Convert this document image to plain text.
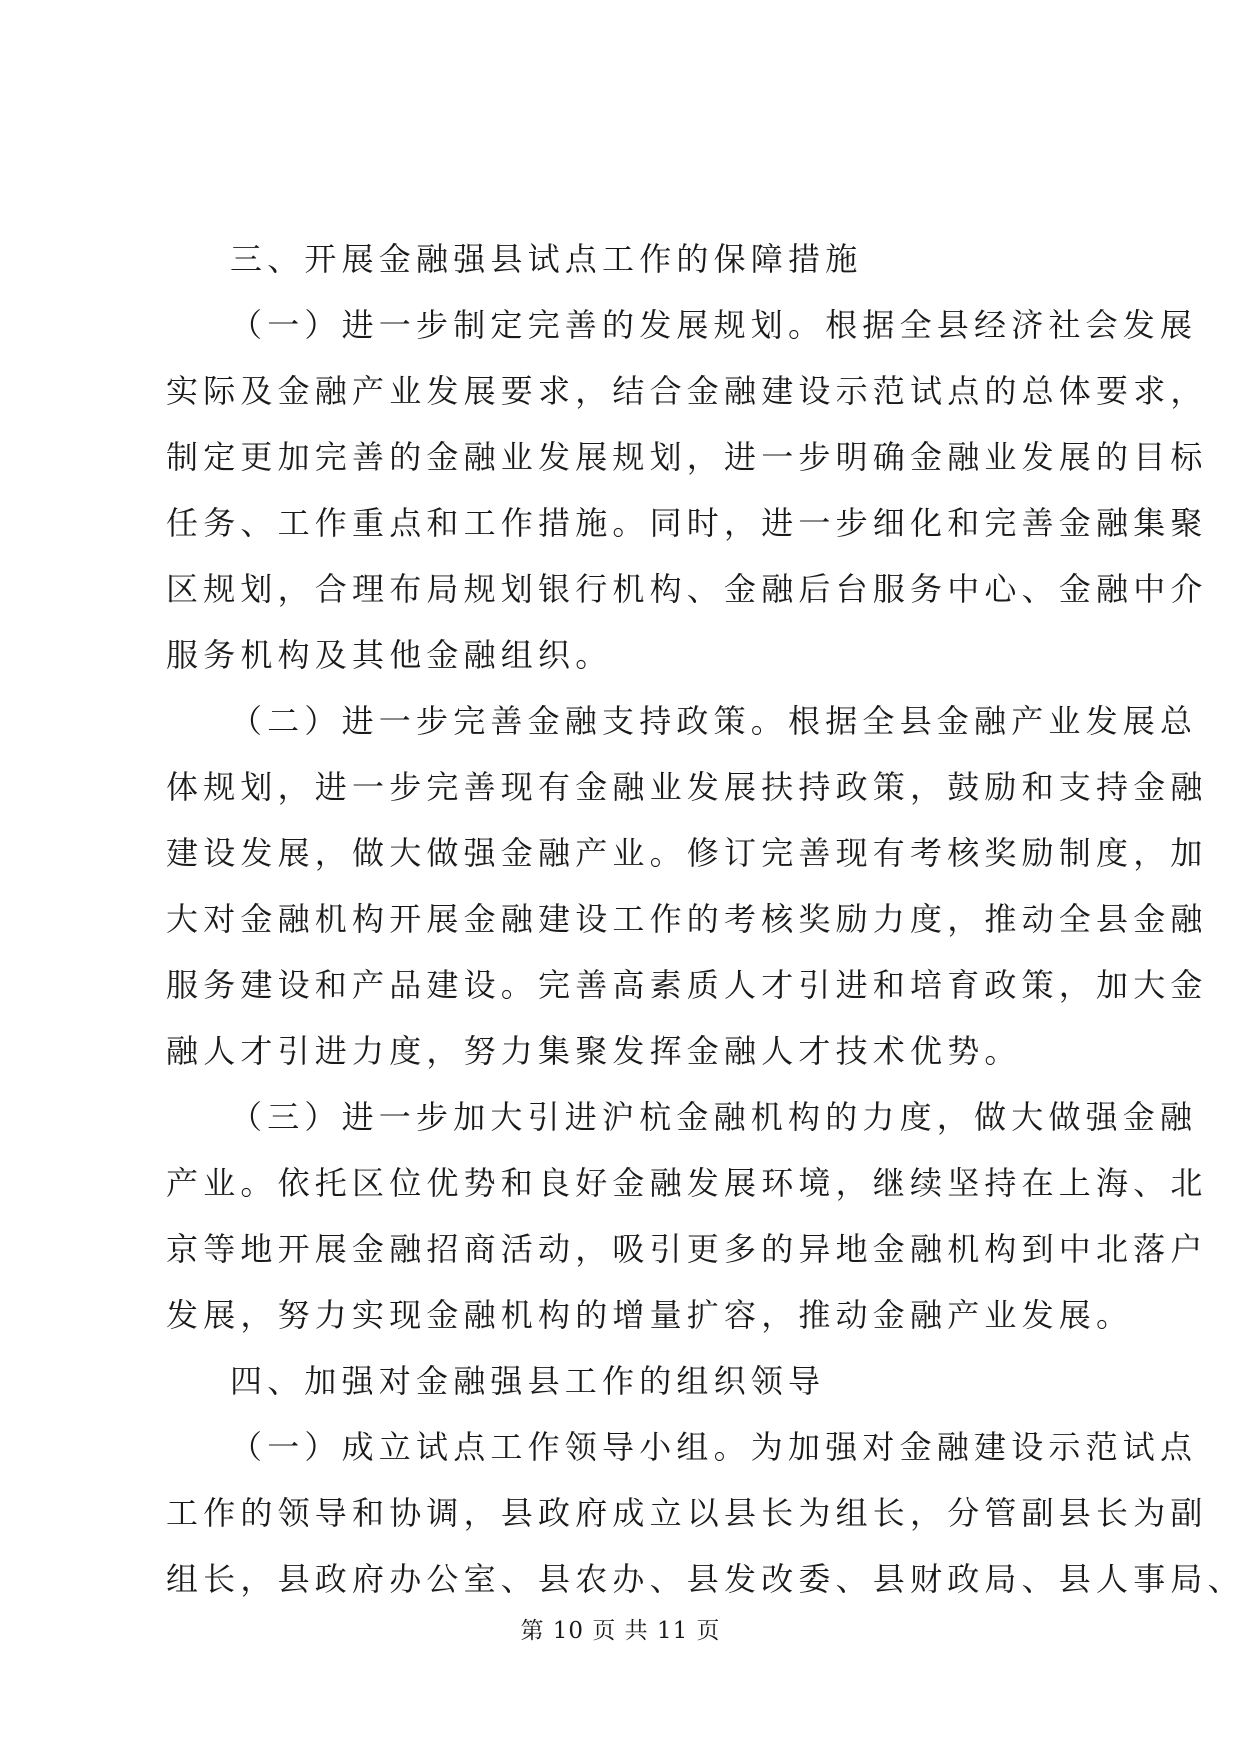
三、开展金融强县试点工作的保障措施
（一）进一步制定完善的发展规划。根据全县经济社会发展
实际及金融产业发展要求，结合金融建设示范试点的总体要求，
制定更加完善的金融业发展规划，进一步明确金融业发展的目标
任务、工作重点和工作措施。同时，进一步细化和完善金融集聚
区规划，合理布局规划银行机构、金融后台服务中心、金融中介
服务机构及其他金融组织。
（二）进一步完善金融支持政策。根据全县金融产业发展总
体规划，进一步完善现有金融业发展扶持政策，鼓励和支持金融
建设发展，做大做强金融产业。修订完善现有考核奖励制度，加
大对金融机构开展金融建设工作的考核奖励力度，推动全县金融
服务建设和产品建设。完善高素质人才引进和培育政策，加大金
融人才引进力度，努力集聚发挥金融人才技术优势。
（三）进一步加大引进沪杭金融机构的力度，做大做强金融
产业。依托区位优势和良好金融发展环境，继续坚持在上海、北
京等地开展金融招商活动，吸引更多的异地金融机构到中北落户
发展，努力实现金融机构的增量扩容，推动金融产业发展。
四、加强对金融强县工作的组织领导
（一）成立试点工作领导小组。为加强对金融建设示范试点
工作的领导和协调，县政府成立以县长为组长，分管副县长为副
组长，县政府办公室、县农办、县发改委、县财政局、县人事局、
第 10 页 共 11 页
